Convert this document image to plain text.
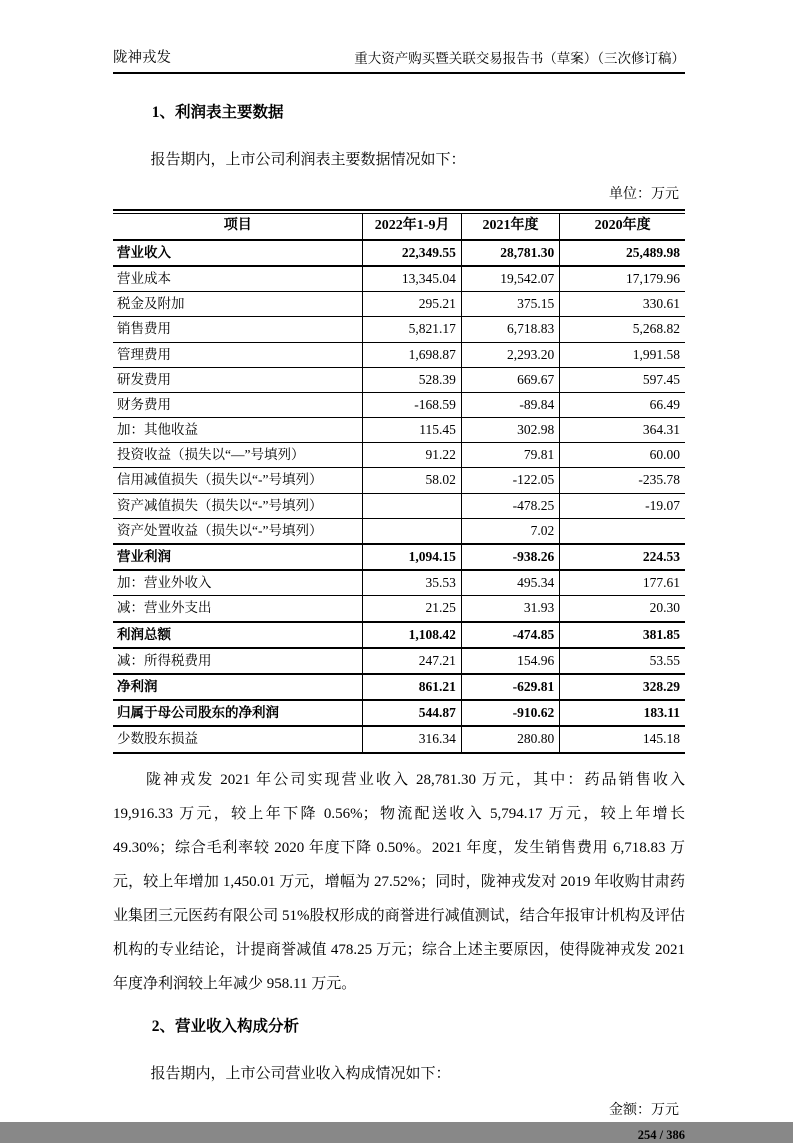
陇神戎发	重大资产购买暨关联交易报告书（草案）（三次修订稿）
1、利润表主要数据
报告期内，上市公司利润表主要数据情况如下：
单位：万元
项目	2022年1-9月	2021年度	2020年度
营业收入	22,349.55	28,781.30	25,489.98
营业成本	13,345.04	19,542.07	17,179.96
税金及附加	295.21	375.15	330.61
销售费用	5,821.17	6,718.83	5,268.82
管理费用	1,698.87	2,293.20	1,991.58
研发费用	528.39	669.67	597.45
财务费用	-168.59	-89.84	66.49
加：其他收益	115.45	302.98	364.31
投资收益（损失以“—”号填列）	91.22	79.81	60.00
信用减值损失（损失以“-”号填列）	58.02	-122.05	-235.78
资产减值损失（损失以“-”号填列）		-478.25	-19.07
资产处置收益（损失以“-”号填列）		7.02	
营业利润	1,094.15	-938.26	224.53
加：营业外收入	35.53	495.34	177.61
减：营业外支出	21.25	31.93	20.30
利润总额	1,108.42	-474.85	381.85
减：所得税费用	247.21	154.96	53.55
净利润	861.21	-629.81	328.29
归属于母公司股东的净利润	544.87	-910.62	183.11
少数股东损益	316.34	280.80	145.18
陇神戎发 2021 年公司实现营业收入 28,781.30 万元，其中：药品销售收入 19,916.33 万元，较上年下降 0.56%；物流配送收入 5,794.17 万元，较上年增长 49.30%；综合毛利率较 2020 年度下降 0.50%。2021 年度，发生销售费用 6,718.83 万元，较上年增加 1,450.01 万元，增幅为 27.52%；同时，陇神戎发对 2019 年收购甘肃药业集团三元医药有限公司 51%股权形成的商誉进行减值测试，结合年报审计机构及评估机构的专业结论，计提商誉减值 478.25 万元；综合上述主要原因，使得陇神戎发 2021 年度净利润较上年减少 958.11 万元。
2、营业收入构成分析
报告期内，上市公司营业收入构成情况如下：
金额：万元
254 / 386
